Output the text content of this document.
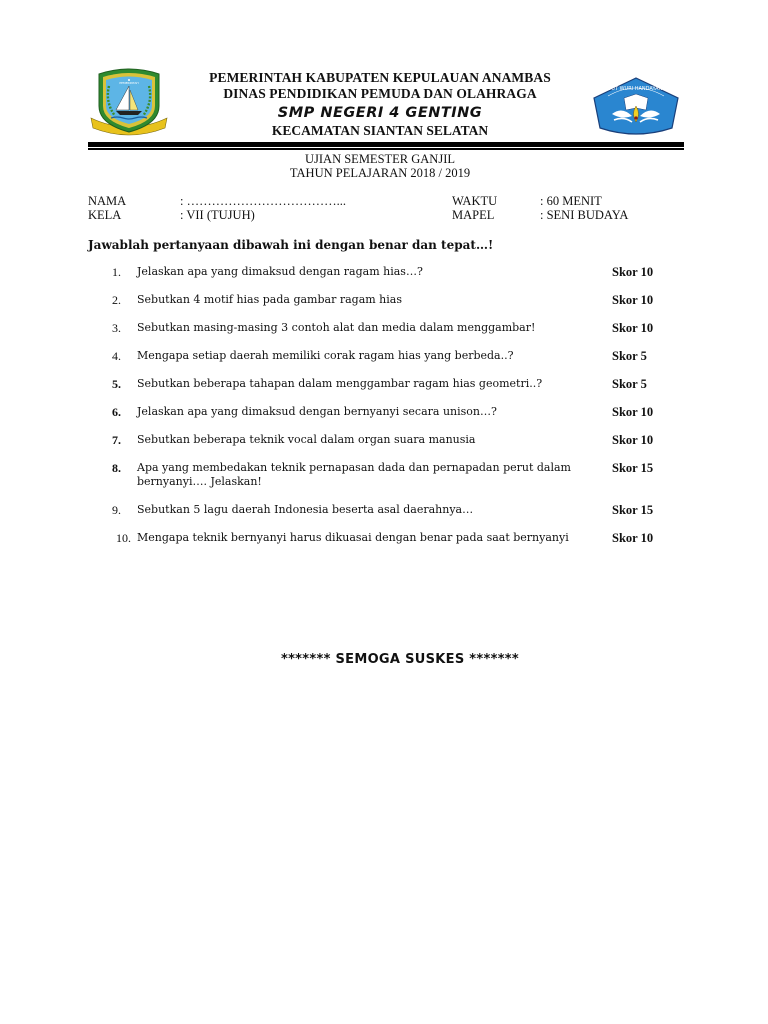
PEMERINTAH	PEMERINTAH KABUPATEN KEPULAUAN ANAMBAS
DINAS PENDIDIKAN PEMUDA DAN OLAHRAGA
SMP NEGERI 4 GENTING
KECAMATAN SIANTAN SELATAN
TUT WURI HANDAYANI
UJIAN SEMESTER GANJIL
TAHUN PELAJARAN 2018 / 2019
NAMA	: ………………………………...	WAKTU	: 60 MENIT
KELA	: VII (TUJUH)	MAPEL	: SENI BUDAYA
Jawablah pertanyaan dibawah ini dengan benar dan tepat…!
1.	Jelaskan apa yang dimaksud dengan ragam hias…?	Skor 10
2.	Sebutkan 4 motif hias pada gambar ragam hias	Skor 10
3.	Sebutkan masing-masing 3 contoh alat dan media dalam menggambar!	Skor 10
4.	Mengapa setiap daerah memiliki corak ragam hias yang berbeda..?	Skor 5
5.	Sebutkan beberapa tahapan dalam menggambar ragam hias geometri..?	Skor 5
6.	Jelaskan apa yang dimaksud dengan bernyanyi secara unison…?	Skor 10
7.	Sebutkan beberapa teknik vocal dalam organ suara manusia	Skor 10
8.	Apa yang membedakan teknik pernapasan dada dan pernapadan perut dalam bernyanyi…. Jelaskan!
Skor 15
9.	Sebutkan 5 lagu daerah Indonesia beserta asal daerahnya…	Skor 15
10. Mengapa teknik bernyanyi harus dikuasai dengan benar pada saat bernyanyi	Skor 10
******* SEMOGA SUSKES *******
